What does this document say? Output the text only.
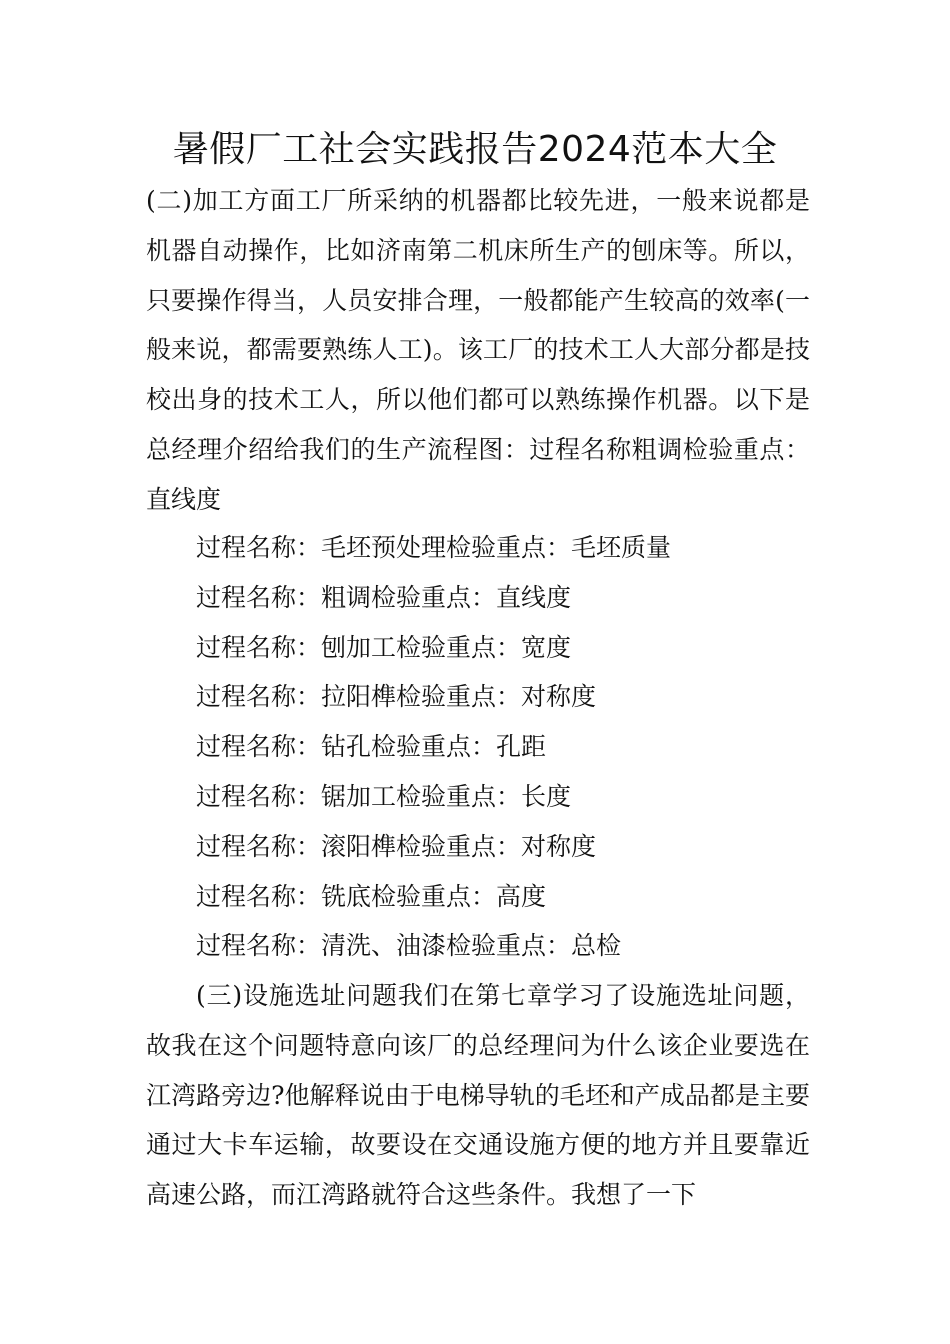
暑假厂工社会实践报告2024范本大全

(二)加工方面工厂所采纳的机器都比较先进，一般来说都是机器自动操作，比如济南第二机床所生产的刨床等。所以，只要操作得当，人员安排合理，一般都能产生较高的效率(一般来说，都需要熟练人工)。该工厂的技术工人大部分都是技校出身的技术工人，所以他们都可以熟练操作机器。以下是总经理介绍给我们的生产流程图：过程名称粗调检验重点：直线度

过程名称：毛坯预处理检验重点：毛坯质量
过程名称：粗调检验重点：直线度
过程名称：刨加工检验重点：宽度
过程名称：拉阳榫检验重点：对称度
过程名称：钻孔检验重点：孔距
过程名称：锯加工检验重点：长度
过程名称：滚阳榫检验重点：对称度
过程名称：铣底检验重点：高度
过程名称：清洗、油漆检验重点：总检

(三)设施选址问题我们在第七章学习了设施选址问题，故我在这个问题特意向该厂的总经理问为什么该企业要选在江湾路旁边?他解释说由于电梯导轨的毛坯和产成品都是主要通过大卡车运输，故要设在交通设施方便的地方并且要靠近高速公路，而江湾路就符合这些条件。我想了一下
